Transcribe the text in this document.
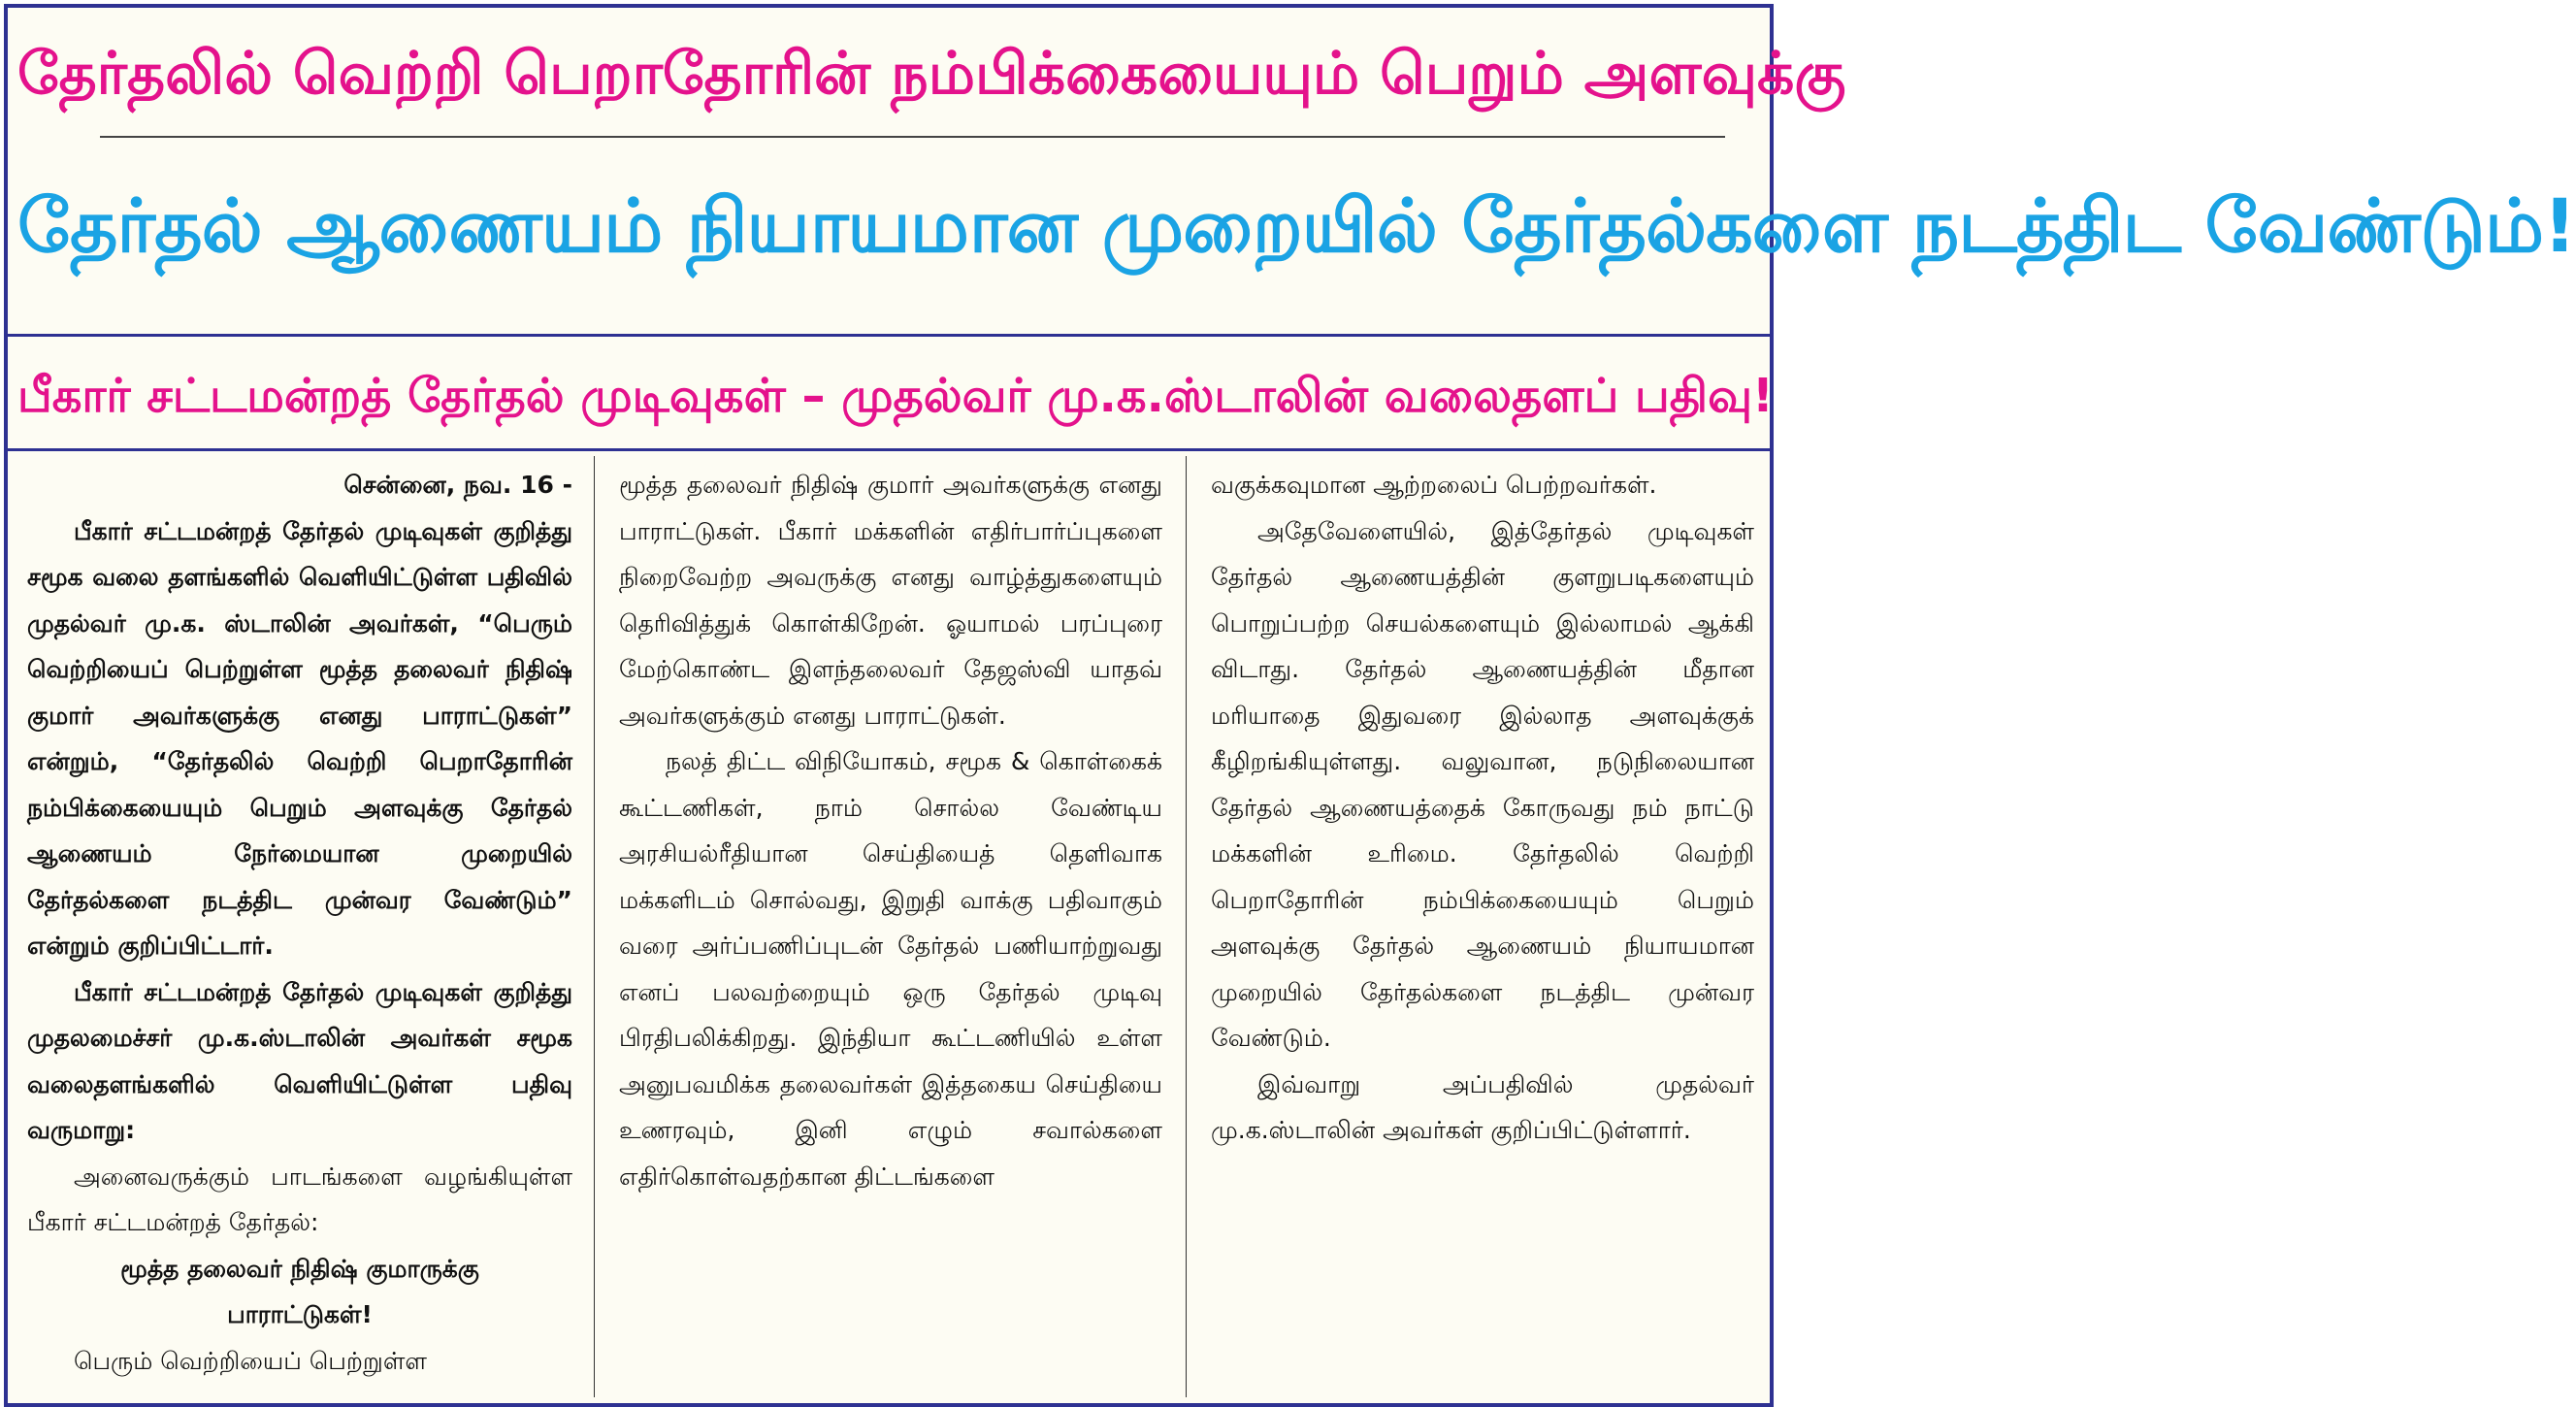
தேர்தலில் வெற்றி பெறாதோரின் நம்பிக்கையையும் பெறும் அளவுக்கு
தேர்தல் ஆணையம் நியாயமான முறையில் தேர்தல்களை நடத்திட வேண்டும்!
பீகார் சட்டமன்றத் தேர்தல் முடிவுகள் – முதல்வர் மு.க.ஸ்டாலின் வலைதளப் பதிவு!

சென்னை, நவ. 16 -

பீகார் சட்டமன்றத் தேர்தல் முடிவுகள் குறித்து சமூக வலை தளங்களில் வெளியிட்டுள்ள பதிவில் முதல்வர் மு.க. ஸ்டாலின் அவர்கள், “பெரும் வெற்றியைப் பெற்றுள்ள மூத்த தலைவர் நிதிஷ் குமார் அவர்களுக்கு எனது பாராட்டுகள்” என்றும், “தேர்தலில் வெற்றி பெறாதோரின் நம்பிக்கையையும் பெறும் அளவுக்கு தேர்தல் ஆணையம் நேர்மையான முறையில் தேர்தல்களை நடத்திட முன்வர வேண்டும்” என்றும் குறிப்பிட்டார்.

பீகார் சட்டமன்றத் தேர்தல் முடிவுகள் குறித்து முதலமைச்சர் மு.க.ஸ்டாலின் அவர்கள் சமூக வலைதளங்களில் வெளியிட்டுள்ள பதிவு வருமாறு:

அனைவருக்கும் பாடங்களை வழங்கியுள்ள பீகார் சட்டமன்றத் தேர்தல்:

மூத்த தலைவர் நிதிஷ் குமாருக்கு

பாராட்டுகள்!

பெரும் வெற்றியைப் பெற்றுள்ள

மூத்த தலைவர் நிதிஷ் குமார் அவர்களுக்கு எனது பாராட்டுகள். பீகார் மக்களின் எதிர்பார்ப்புகளை நிறைவேற்ற அவருக்கு எனது வாழ்த்துகளையும் தெரிவித்துக் கொள்கிறேன். ஓயாமல் பரப்புரை மேற்கொண்ட இளந்தலைவர் தேஜஸ்வி யாதவ் அவர்களுக்கும் எனது பாராட்டுகள்.

நலத் திட்ட விநியோகம், சமூக & கொள்கைக் கூட்டணிகள், நாம் சொல்ல வேண்டிய அரசியல்ரீதியான செய்தியைத் தெளிவாக மக்களிடம் சொல்வது, இறுதி வாக்கு பதிவாகும் வரை அர்ப்பணிப்புடன் தேர்தல் பணியாற்றுவது எனப் பலவற்றையும் ஒரு தேர்தல் முடிவு பிரதிபலிக்கிறது. இந்தியா கூட்டணியில் உள்ள அனுபவமிக்க தலைவர்கள் இத்தகைய செய்தியை உணரவும், இனி எழும் சவால்களை எதிர்கொள்வதற்கான திட்டங்களை

வகுக்கவுமான ஆற்றலைப் பெற்றவர்கள்.

அதேவேளையில், இத்தேர்தல் முடிவுகள் தேர்தல் ஆணையத்தின் குளறுபடிகளையும் பொறுப்பற்ற செயல்களையும் இல்லாமல் ஆக்கி விடாது. தேர்தல் ஆணையத்தின் மீதான மரியாதை இதுவரை இல்லாத அளவுக்குக் கீழிறங்கியுள்ளது. வலுவான, நடுநிலையான தேர்தல் ஆணையத்தைக் கோருவது நம் நாட்டு மக்களின் உரிமை. தேர்தலில் வெற்றி பெறாதோரின் நம்பிக்கையையும் பெறும் அளவுக்கு தேர்தல் ஆணையம் நியாயமான முறையில் தேர்தல்களை நடத்திட முன்வர வேண்டும்.

இவ்வாறு அப்பதிவில் முதல்வர் மு.க.ஸ்டாலின் அவர்கள் குறிப்பிட்டுள்ளார்.
